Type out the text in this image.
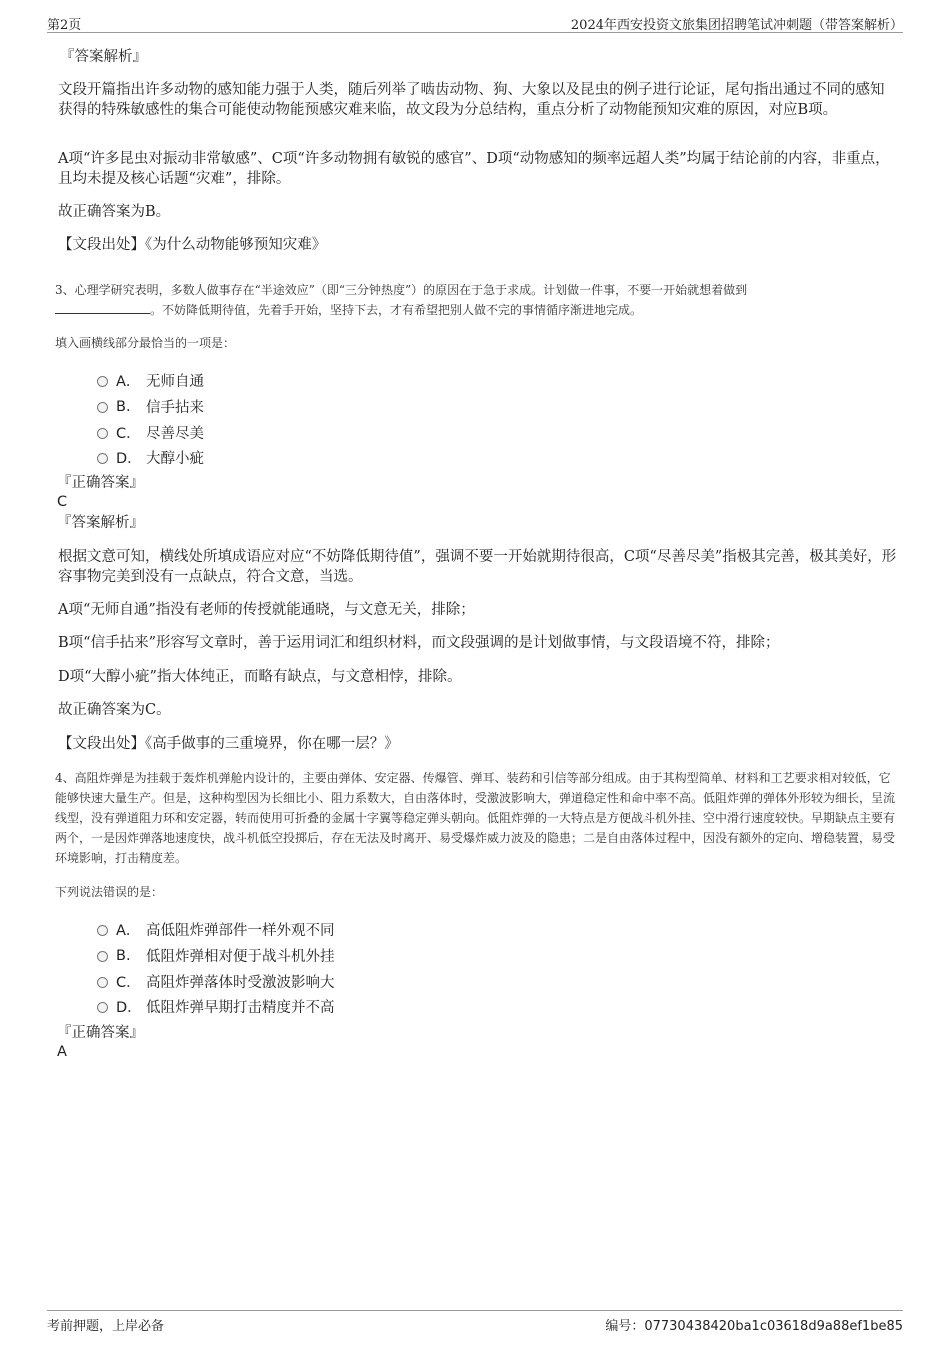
第2页	2024年西安投资文旅集团招聘笔试冲刺题（带答案解析）
『答案解析』
文段开篇指出许多动物的感知能力强于人类，随后列举了啮齿动物、狗、大象以及昆虫的例子进行论证，尾句指出通过不同的感知获得的特殊敏感性的集合可能使动物能预感灾难来临，故文段为分总结构，重点分析了动物能预知灾难的原因，对应B项。
A项“许多昆虫对振动非常敏感”、C项“许多动物拥有敏锐的感官”、D项“动物感知的频率远超人类”均属于结论前的内容，非重点，且均未提及核心话题“灾难”，排除。
故正确答案为B。
【文段出处】《为什么动物能够预知灾难》
3、心理学研究表明，多数人做事存在“半途效应”（即“三分钟热度”）的原因在于急于求成。计划做一件事，不要一开始就想着做到
。不妨降低期待值，先着手开始，坚持下去，才有希望把别人做不完的事情循序渐进地完成。
填入画横线部分最恰当的一项是：
A． 无师自通
B.	信手拈来
C． 尽善尽美
D． 大醇小疵
『正确答案』
C
『答案解析』
根据文意可知，横线处所填成语应对应“不妨降低期待值”，强调不要一开始就期待很高，C项“尽善尽美”指极其完善，极其美好，形容事物完美到没有一点缺点，符合文意，当选。
A项“无师自通”指没有老师的传授就能通晓，与文意无关，排除；
B项“信手拈来”形容写文章时，善于运用词汇和组织材料，而文段强调的是计划做事情，与文段语境不符，排除；
D项“大醇小疵”指大体纯正，而略有缺点，与文意相悖，排除。
故正确答案为C。
【文段出处】《高手做事的三重境界，你在哪一层？》
4、高阻炸弹是为挂载于轰炸机弹舱内设计的，主要由弹体、安定器、传爆管、弹耳、装药和引信等部分组成。由于其构型简单、材料和工艺要求相对较低，它能够快速大量生产。但是，这种构型因为长细比小、阻力系数大，自由落体时，受激波影响大，弹道稳定性和命中率不高。低阻炸弹的弹体外形较为细长，呈流线型，没有弹道阻力环和安定器，转而使用可折叠的金属十字翼等稳定弹头朝向。低阻炸弹的一大特点是方便战斗机外挂、空中滑行速度较快。早期缺点主要有两个，一是因炸弹落地速度快，战斗机低空投掷后，存在无法及时离开、易受爆炸威力波及的隐患；二是自由落体过程中，因没有额外的定向、增稳装置，易受环境影响，打击精度差。
下列说法错误的是：
A． 高低阻炸弹部件一样外观不同
B.	低阻炸弹相对便于战斗机外挂
C． 高阻炸弹落体时受激波影响大
D． 低阻炸弹早期打击精度并不高
『正确答案』
A
考前押题，上岸必备	编号：07730438420ba1c03618d9a88ef1be85
